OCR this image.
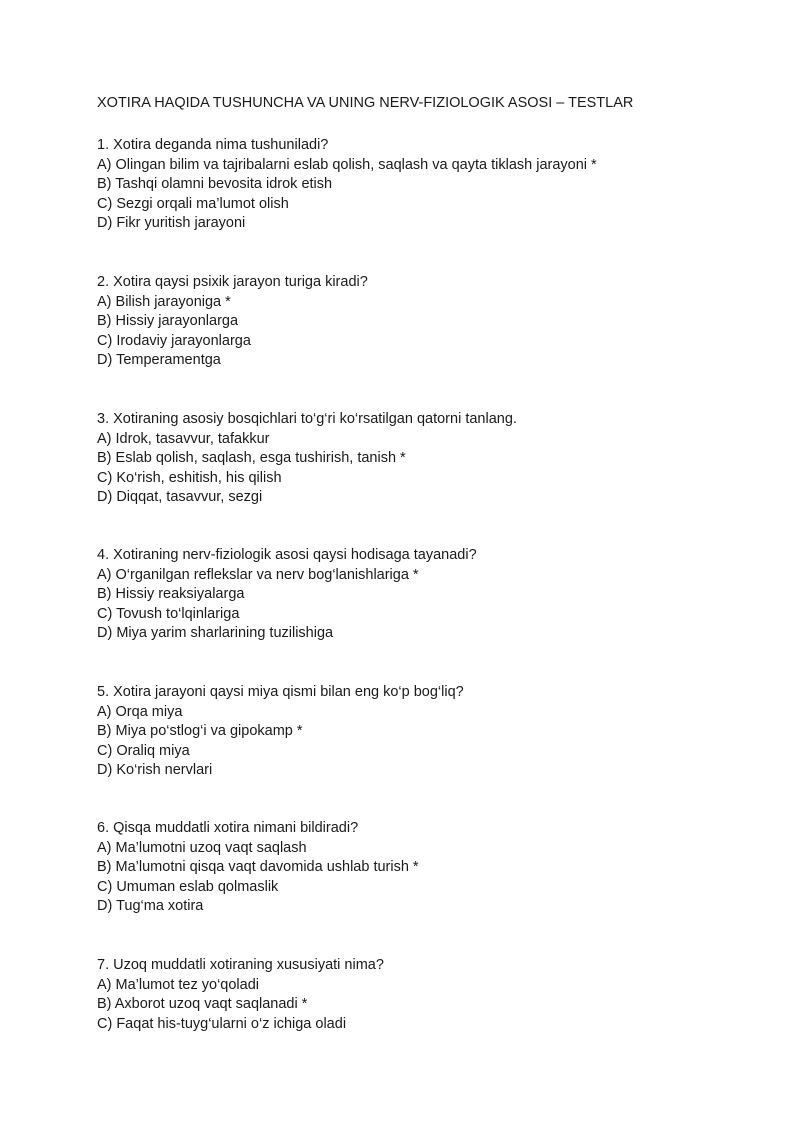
XOTIRA HAQIDA TUSHUNCHA VA UNING NERV-FIZIOLOGIK ASOSI – TESTLAR
1. Xotira deganda nima tushuniladi?
A) Olingan bilim va tajribalarni eslab qolish, saqlash va qayta tiklash jarayoni *
B) Tashqi olamni bevosita idrok etish
C) Sezgi orqali ma’lumot olish
D) Fikr yuritish jarayoni
2. Xotira qaysi psixik jarayon turiga kiradi?
A) Bilish jarayoniga *
B) Hissiy jarayonlarga
C) Irodaviy jarayonlarga
D) Temperamentga
3. Xotiraning asosiy bosqichlari to‘g‘ri ko‘rsatilgan qatorni tanlang.
A) Idrok, tasavvur, tafakkur
B) Eslab qolish, saqlash, esga tushirish, tanish *
C) Ko‘rish, eshitish, his qilish
D) Diqqat, tasavvur, sezgi
4. Xotiraning nerv-fiziologik asosi qaysi hodisaga tayanadi?
A) O‘rganilgan reflekslar va nerv bog‘lanishlariga *
B) Hissiy reaksiyalarga
C) Tovush to‘lqinlariga
D) Miya yarim sharlarining tuzilishiga
5. Xotira jarayoni qaysi miya qismi bilan eng ko‘p bog‘liq?
A) Orqa miya
B) Miya po‘stlog‘i va gipokamp *
C) Oraliq miya
D) Ko‘rish nervlari
6. Qisqa muddatli xotira nimani bildiradi?
A) Ma’lumotni uzoq vaqt saqlash
B) Ma’lumotni qisqa vaqt davomida ushlab turish *
C) Umuman eslab qolmaslik
D) Tug‘ma xotira
7. Uzoq muddatli xotiraning xususiyati nima?
A) Ma’lumot tez yo‘qoladi
B) Axborot uzoq vaqt saqlanadi *
C) Faqat his-tuyg‘ularni o‘z ichiga oladi
